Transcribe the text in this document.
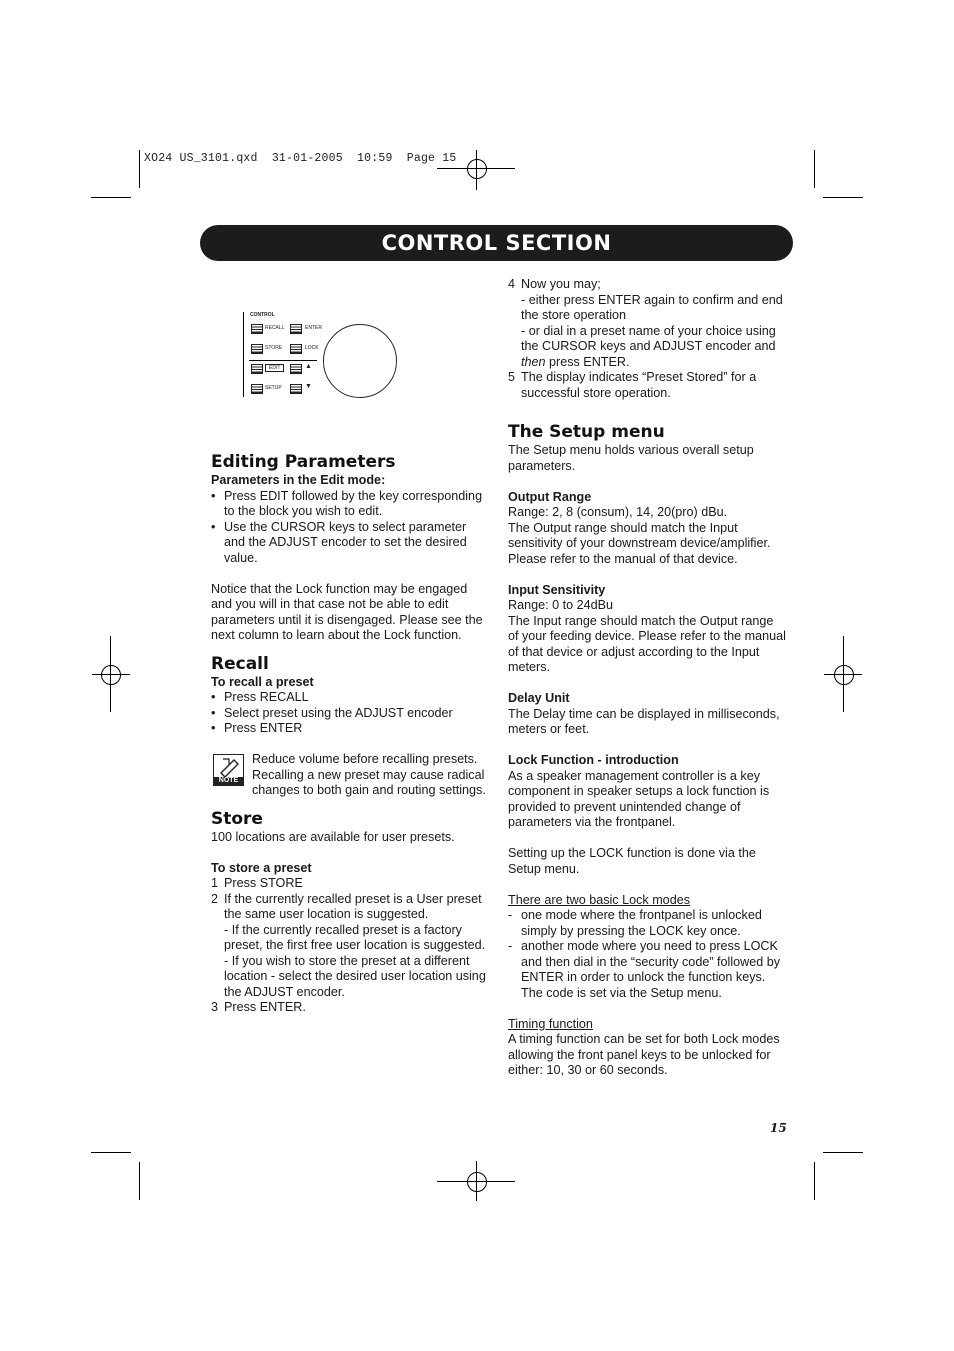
XO24 US_3101.qxd  31-01-2005  10:59  Page 15
CONTROL SECTION
CONTROL
RECALL	ENTER
STORE	LOCK
EDIT	▲
SETUP	▼

Editing Parameters

Parameters in the Edit mode:

• Press EDIT followed by the key corresponding to the block you wish to edit.

• Use the CURSOR keys to select parameter and the ADJUST encoder to set the desired value.

Notice that the Lock function may be engaged and you will in that case not be able to edit parameters until it is disengaged. Please see the next column to learn about the Lock function.

Recall

To recall a preset

• Press RECALL

• Select preset using the ADJUST encoder

• Press ENTER

NOTE

Reduce volume before recalling presets. Recalling a new preset may cause radical changes to both gain and routing settings.

Store

100 locations are available for user presets.

To store a preset

1 Press STORE
2 If the currently recalled preset is a User preset the same user location is suggested.

- If the currently recalled preset is a factory preset, the first free user location is suggested.

- If you wish to store the preset at a different location - select the desired user location using the ADJUST encoder.

3 Press ENTER.
4 Now you may;

- either press ENTER again to confirm and end the store operation

- or dial in a preset name of your choice using the CURSOR keys and ADJUST encoder and then press ENTER.

5 The display indicates “Preset Stored” for a successful store operation.

The Setup menu

The Setup menu holds various overall setup parameters.

Output Range

Range: 2, 8 (consum), 14, 20(pro) dBu.

The Output range should match the Input sensitivity of your downstream device/amplifier. Please refer to the manual of that device.

Input Sensitivity

Range: 0 to 24dBu

The Input range should match the Output range of your feeding device. Please refer to the manual of that device or adjust according to the Input meters.

Delay Unit

The Delay time can be displayed in milliseconds, meters or feet.

Lock Function - introduction

As a speaker management controller is a key component in speaker setups a lock function is provided to prevent unintended change of parameters via the frontpanel.

Setting up the LOCK function is done via the Setup menu.

There are two basic Lock modes

- one mode where the frontpanel is unlocked simply by pressing the LOCK key once.
- another mode where you need to press LOCK and then dial in the “security code” followed by ENTER in order to unlock the function keys. The code is set via the Setup menu.

Timing function

A timing function can be set for both Lock modes allowing the front panel keys to be unlocked for either: 10, 30 or 60 seconds.

15
